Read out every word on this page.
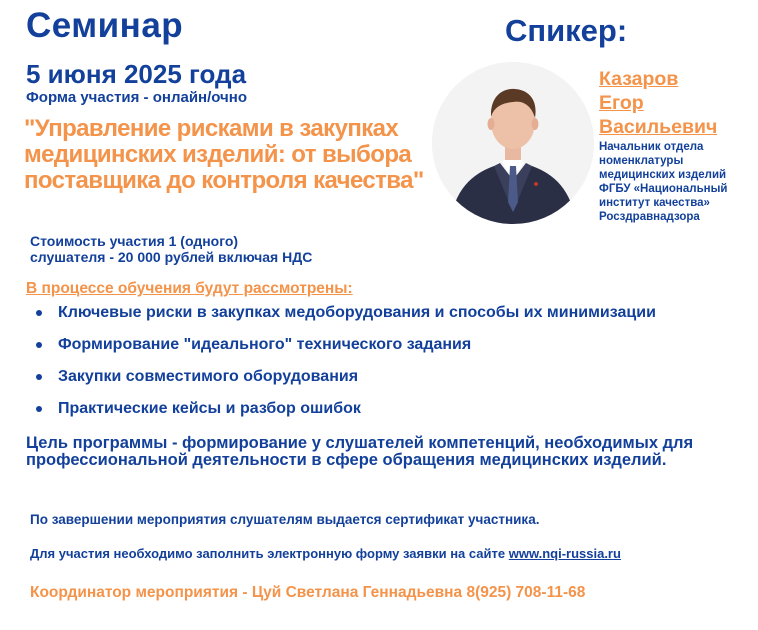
Семинар
5 июня 2025 года
Форма участия - онлайн/очно
"Управление рисками в закупках медицинских изделий: от выбора поставщика до контроля качества"
Стоимость участия 1 (одного)
слушателя - 20 000 рублей включая НДС
Спикер:
Казаров
Егор
Васильевич
Начальник отдела номенклатуры медицинских изделий ФГБУ «Национальный институт качества» Росздравнадзора
В процессе обучения будут рассмотрены:
Ключевые риски в закупках медоборудования и способы их минимизации
Формирование "идеального" технического задания
Закупки совместимого оборудования
Практические кейсы и разбор ошибок
Цель программы - формирование у слушателей компетенций, необходимых для профессиональной деятельности в сфере обращения медицинских изделий.
По завершении мероприятия слушателям выдается сертификат участника.
Для участия необходимо заполнить электронную форму заявки на сайте www.nqi-russia.ru
Координатор мероприятия - Цуй Светлана Геннадьевна 8(925) 708-11-68
